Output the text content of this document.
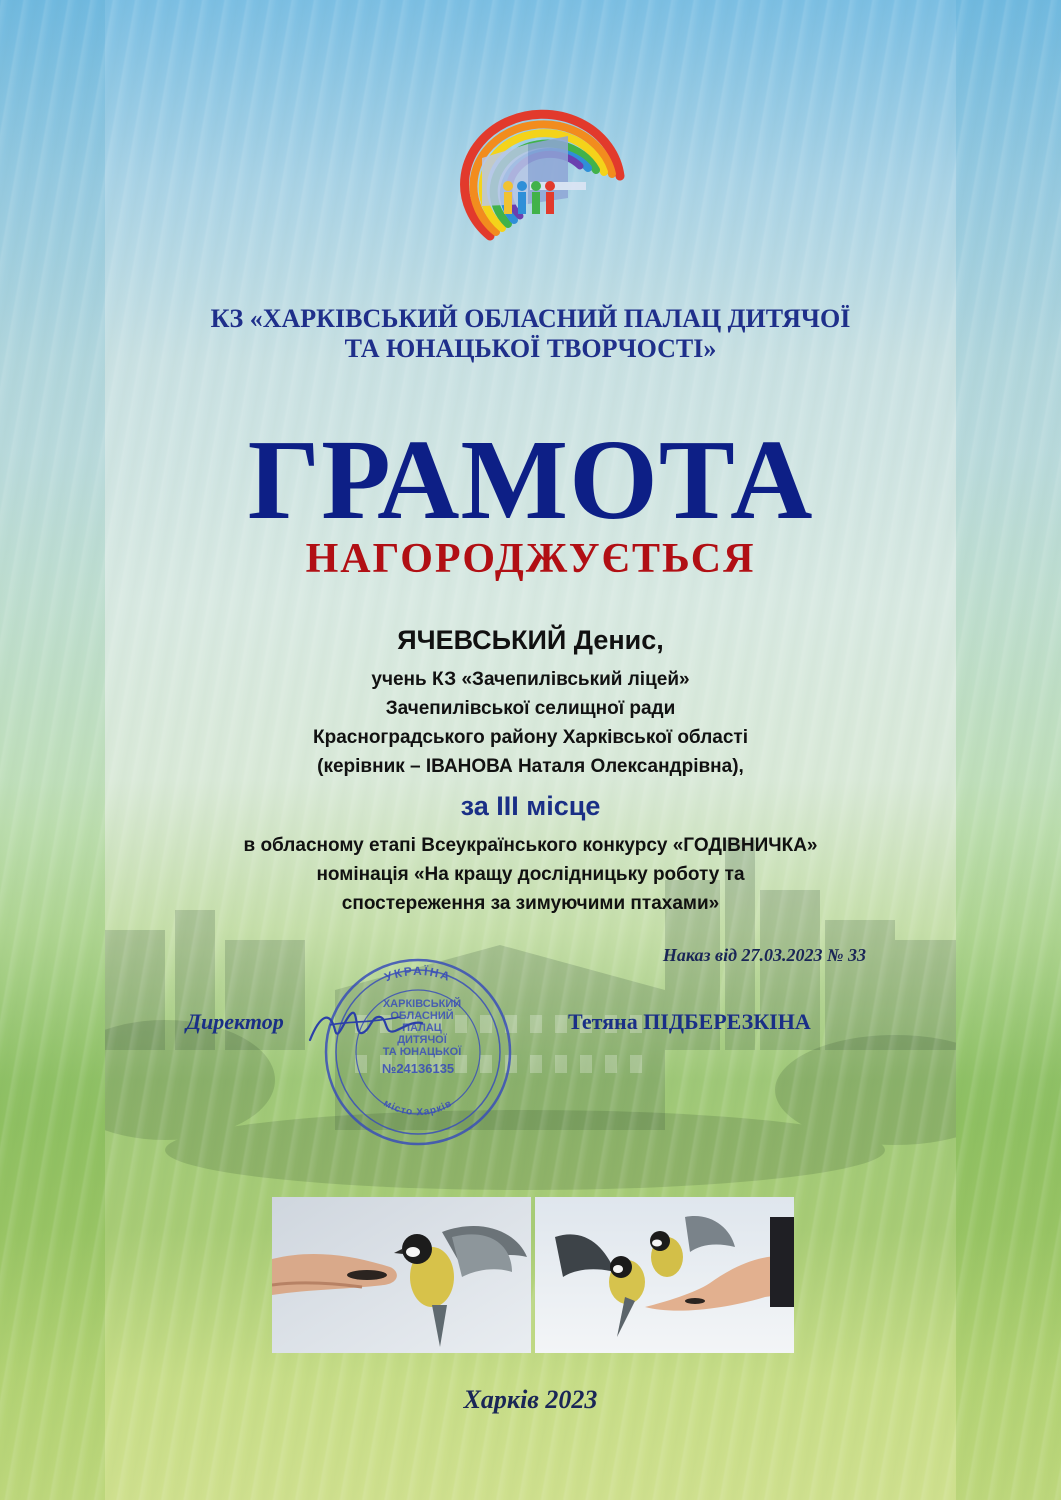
КЗ «ХАРКІВСЬКИЙ ОБЛАСНИЙ ПАЛАЦ ДИТЯЧОЇ
ТА ЮНАЦЬКОЇ ТВОРЧОСТІ»
ГРАМОТА
НАГОРОДЖУЄТЬСЯ
ЯЧЕВСЬКИЙ Денис,
учень КЗ «Зачепилівський ліцей»
Зачепилівської селищної ради
Красноградського району Харківської області
(керівник – ІВАНОВА Наталя Олександрівна),
за ІІІ місце
в обласному етапі Всеукраїнського конкурсу «ГОДІВНИЧКА»
номінація «На кращу дослідницьку роботу та
спостереження за зимуючими птахами»
Наказ від 27.03.2023 № 33
УКРАЇНА
місто Харків
№24136135
ХАРКІВСЬКИЙ
ОБЛАСНИЙ
ПАЛАЦ
ДИТЯЧОЇ
ТА ЮНАЦЬКОЇ
Директор	Тетяна ПІДБЕРЕЗКІНА
Харків 2023
